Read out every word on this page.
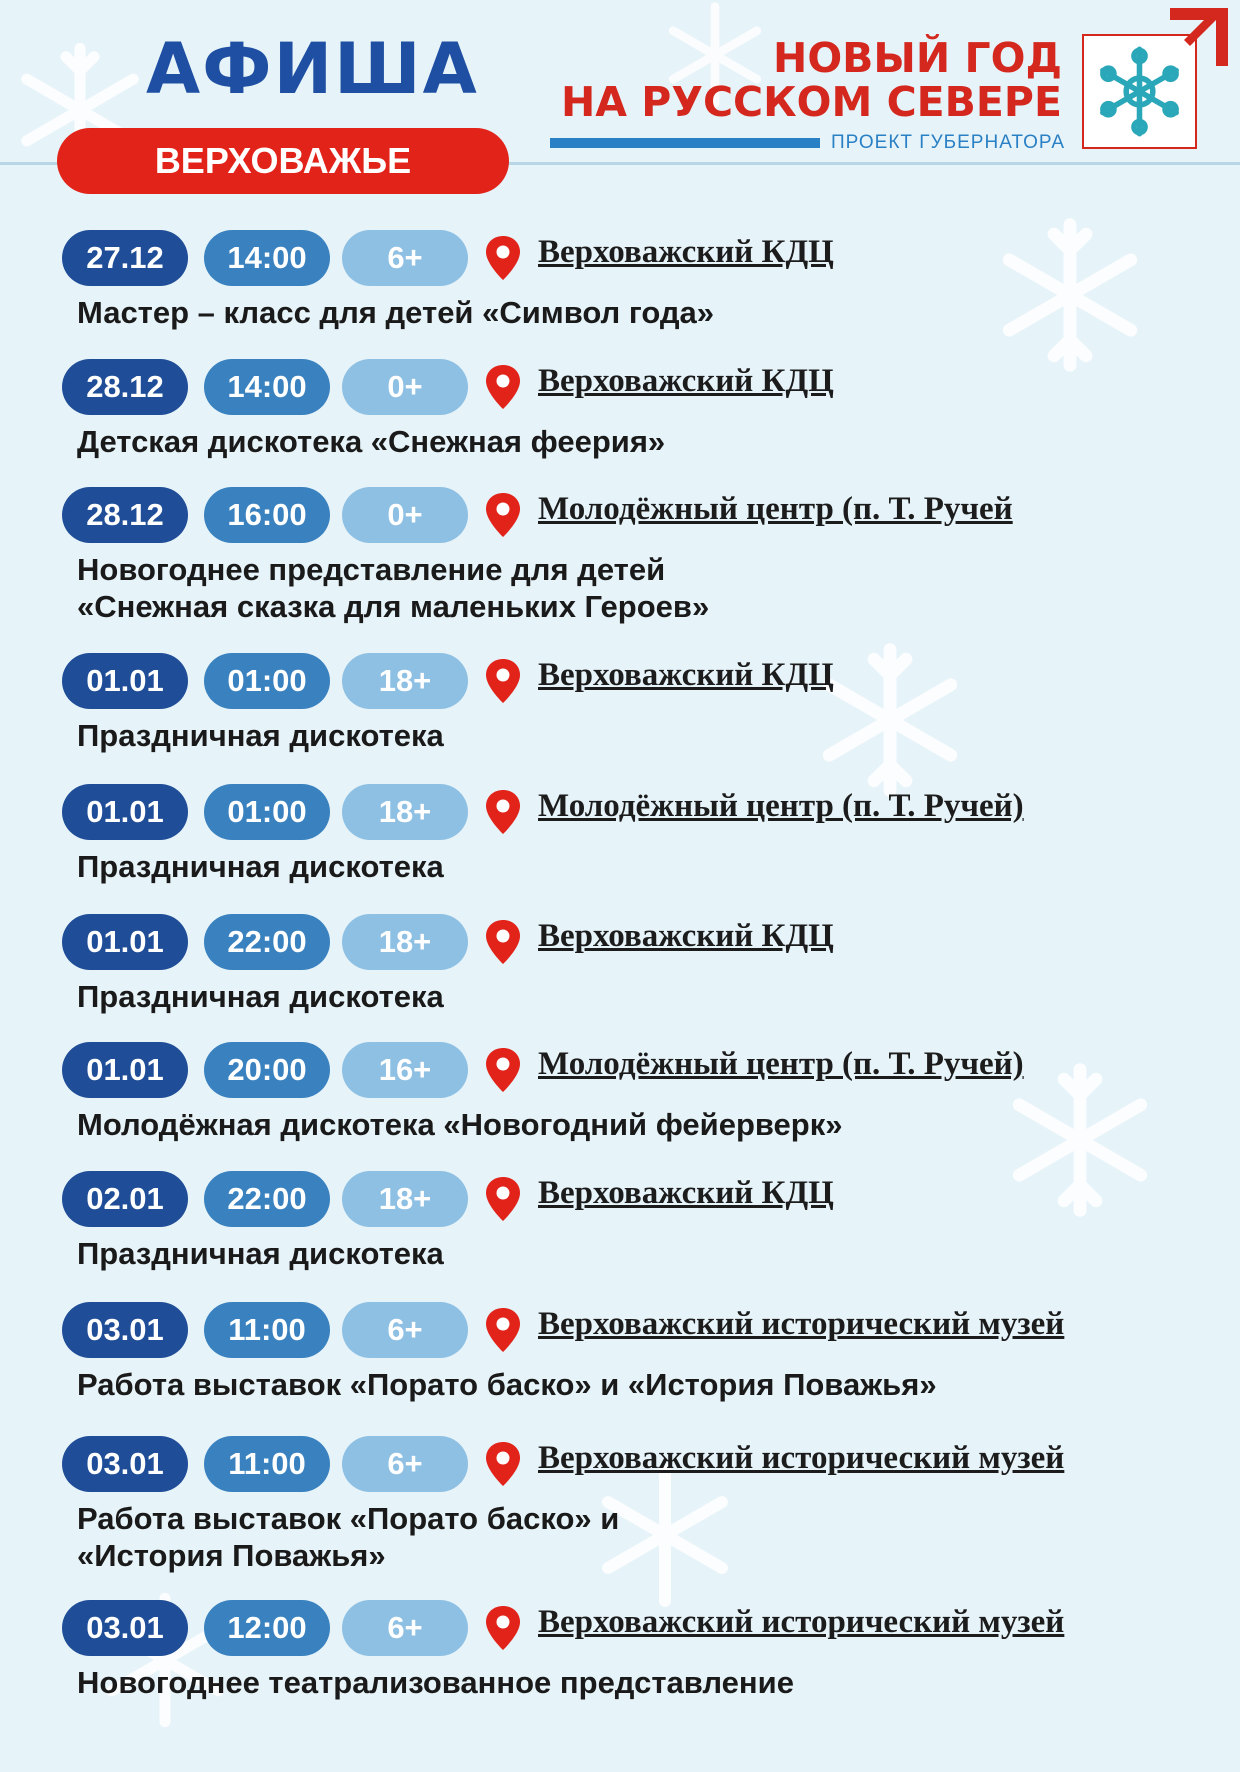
АФИША
ВЕРХОВАЖЬЕ
НОВЫЙ ГОД
НА РУССКОМ СЕВЕРЕ
ПРОЕКТ ГУБЕРНАТОРА
27.12	14:00	6+	Верховажский КДЦ
Мастер – класс для детей «Символ года»
28.12	14:00	0+	Верховажский КДЦ
Детская дискотека «Снежная феерия»
28.12	16:00	0+	Молодёжный центр (п. Т. Ручей
Новогоднее представление для детей
«Снежная сказка для маленьких Героев»
01.01	01:00	18+	Верховажский КДЦ
Праздничная дискотека
01.01	01:00	18+	Молодёжный центр (п. Т. Ручей)
Праздничная дискотека
01.01	22:00	18+	Верховажский КДЦ
Праздничная дискотека
01.01	20:00	16+	Молодёжный центр (п. Т. Ручей)
Молодёжная дискотека «Новогодний фейерверк»
02.01	22:00	18+	Верховажский КДЦ
Праздничная дискотека
03.01	11:00	6+	Верховажский исторический музей
Работа выставок «Порато баско» и «История Поважья»
03.01	11:00	6+	Верховажский исторический музей
Работа выставок «Порато баско» и
«История Поважья»
03.01	12:00	6+	Верховажский исторический музей
Новогоднее театрализованное представление
